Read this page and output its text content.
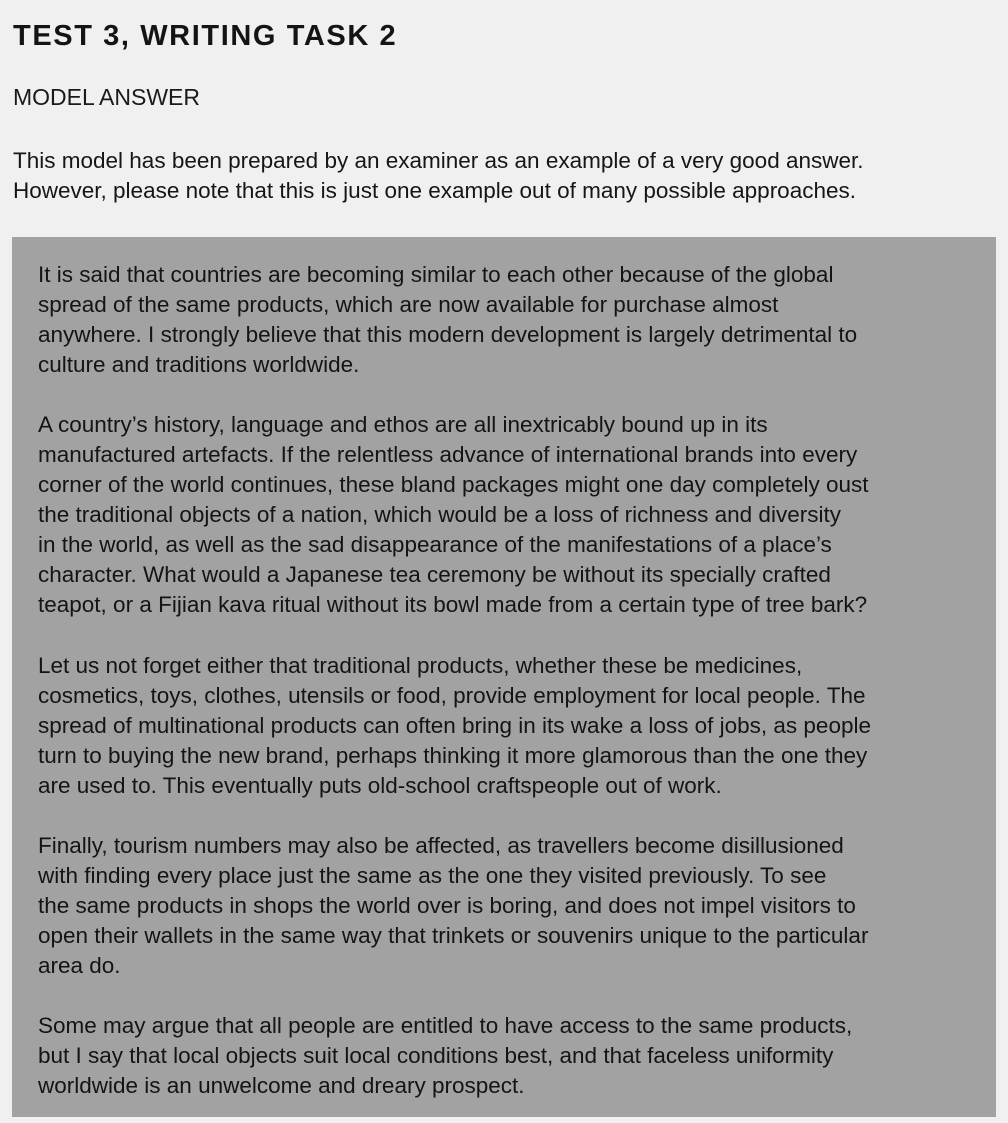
TEST 3, WRITING TASK 2
MODEL ANSWER

This model has been prepared by an examiner as an example of a very good answer.
However, please note that this is just one example out of many possible approaches.

It is said that countries are becoming similar to each other because of the global
spread of the same products, which are now available for purchase almost
anywhere. I strongly believe that this modern development is largely detrimental to
culture and traditions worldwide.

A country’s history, language and ethos are all inextricably bound up in its
manufactured artefacts. If the relentless advance of international brands into every
corner of the world continues, these bland packages might one day completely oust
the traditional objects of a nation, which would be a loss of richness and diversity
in the world, as well as the sad disappearance of the manifestations of a place’s
character. What would a Japanese tea ceremony be without its specially crafted
teapot, or a Fijian kava ritual without its bowl made from a certain type of tree bark?

Let us not forget either that traditional products, whether these be medicines,
cosmetics, toys, clothes, utensils or food, provide employment for local people. The
spread of multinational products can often bring in its wake a loss of jobs, as people
turn to buying the new brand, perhaps thinking it more glamorous than the one they
are used to. This eventually puts old-school craftspeople out of work.

Finally, tourism numbers may also be affected, as travellers become disillusioned
with finding every place just the same as the one they visited previously. To see
the same products in shops the world over is boring, and does not impel visitors to
open their wallets in the same way that trinkets or souvenirs unique to the particular
area do.

Some may argue that all people are entitled to have access to the same products,
but I say that local objects suit local conditions best, and that faceless uniformity
worldwide is an unwelcome and dreary prospect.
